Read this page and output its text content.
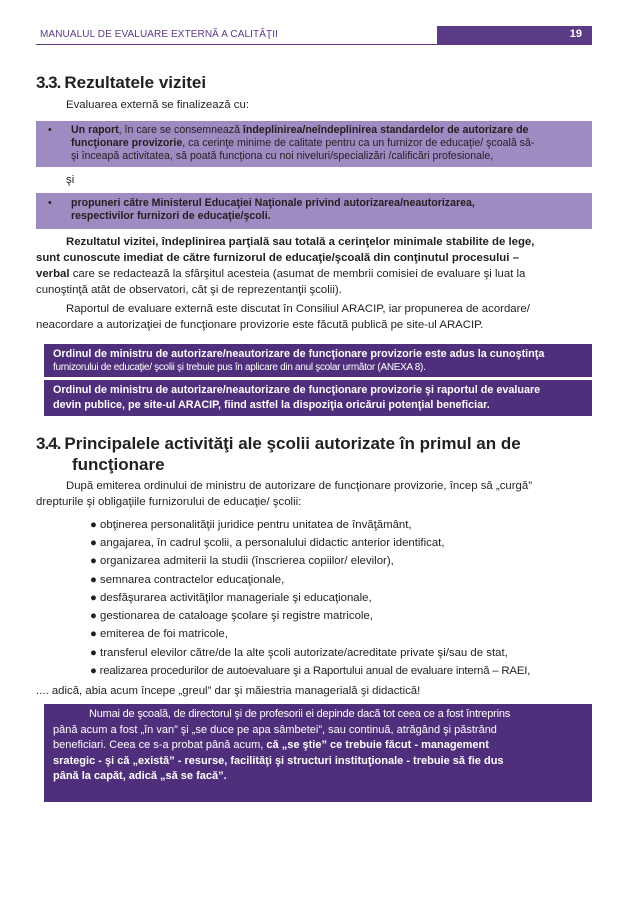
MANUALUL DE EVALUARE EXTERNĂ A CALITĂŢII	19
3.3. Rezultatele vizitei
Evaluarea externă se finalizează cu:
• Un raport, în care se consemnează îndeplinirea/neîndeplinirea standardelor de autorizare de
funcţionare provizorie, ca cerinţe minime de calitate pentru ca un furnizor de educaţie/ şcoală să-
şi înceapă activitatea, să poată funcţiona cu noi niveluri/specializări /calificări profesionale,
şi
• propuneri către Ministerul Educaţiei Naţionale privind autorizarea/neautorizarea,
respectivilor furnizori de educaţie/şcoli.
Rezultatul vizitei, îndeplinirea parţială sau totală a cerinţelor minimale stabilite de lege,
sunt cunoscute imediat de către furnizorul de educaţie/şcoală din conţinutul procesului –
verbal care se redactează la sfârşitul acesteia (asumat de membrii comisiei de evaluare şi luat la
cunoştinţă atât de observatori, cât şi de reprezentanţii şcolii).
Raportul de evaluare externă este discutat în Consiliul ARACIP, iar propunerea de acordare/
neacordare a autorizaţiei de funcţionare provizorie este făcută publică pe site-ul ARACIP.
Ordinul de ministru de autorizare/neautorizare de funcţionare provizorie este adus la cunoştinţa
furnizorului de educaţie/ şcolii şi trebuie pus în aplicare din anul şcolar următor (ANEXA 8).
Ordinul de ministru de autorizare/neautorizare de funcţionare provizorie şi raportul de evaluare
devin publice, pe site-ul ARACIP, fiind astfel la dispoziţia oricărui potenţial beneficiar.
3.4. Principalele activităţi ale şcolii autorizate în primul an de
funcţionare
După emiterea ordinului de ministru de autorizare de funcţionare provizorie, încep să „curgă”
drepturile şi obligaţiile furnizorului de educaţie/ şcolii:
● obţinerea personalităţii juridice pentru unitatea de învăţământ,
● angajarea, în cadrul şcolii, a personalului didactic anterior identificat,
● organizarea admiterii la studii (înscrierea copiilor/ elevilor),
● semnarea contractelor educaţionale,
● desfăşurarea activităţilor manageriale şi educaţionale,
● gestionarea de cataloage şcolare şi registre matricole,
● emiterea de foi matricole,
● transferul elevilor către/de la alte şcoli autorizate/acreditate private şi/sau de stat,
● realizarea procedurilor de autoevaluare şi a Raportului anual de evaluare internă – RAEI,
.... adică, abia acum începe „greul” dar şi măiestria managerială şi didactică!
Numai de şcoală, de directorul şi de profesorii ei depinde dacă tot ceea ce a fost întreprins
până acum a fost „în van” şi „se duce pe apa sâmbetei”, sau continuă, atrăgând şi păstrând
beneficiari. Ceea ce s-a probat până acum, că „se ştie” ce trebuie făcut - management
srategic - şi că „există” - resurse, facilităţi şi structuri instituţionale - trebuie să fie dus
până la capăt, adică „să se facă”.
